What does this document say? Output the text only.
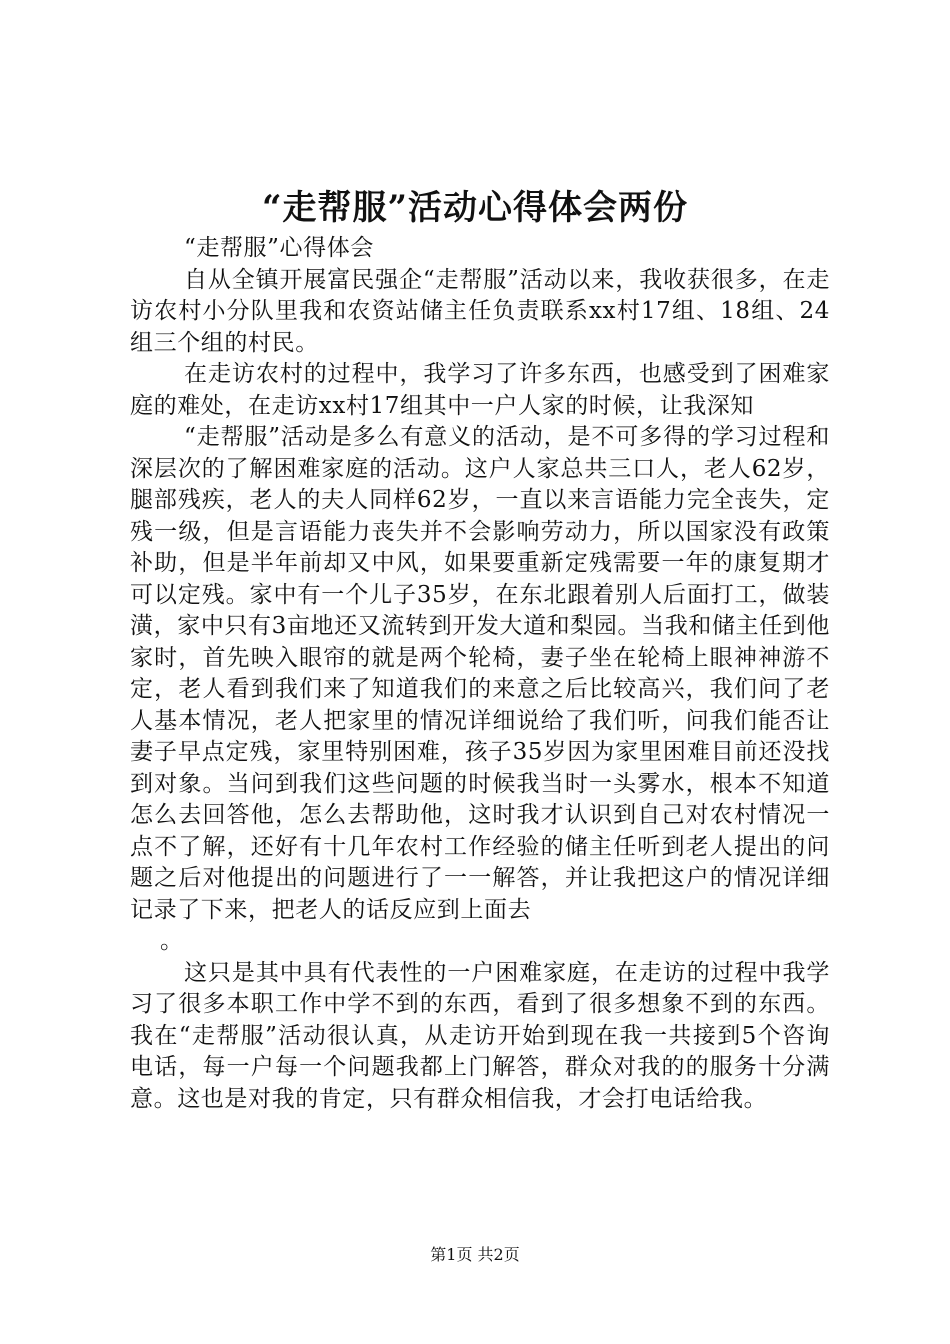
“走帮服”活动心得体会两份

“走帮服”心得体会

自从全镇开展富民强企“走帮服”活动以来，我收获很多，在走访农村小分队里我和农资站储主任负责联系xx村17组、18组、24组三个组的村民。

在走访农村的过程中，我学习了许多东西，也感受到了困难家庭的难处，在走访xx村17组其中一户人家的时候，让我深知

“走帮服”活动是多么有意义的活动，是不可多得的学习过程和深层次的了解困难家庭的活动。这户人家总共三口人，老人62岁，腿部残疾，老人的夫人同样62岁，一直以来言语能力完全丧失，定残一级，但是言语能力丧失并不会影响劳动力，所以国家没有政策补助，但是半年前却又中风，如果要重新定残需要一年的康复期才可以定残。家中有一个儿子35岁，在东北跟着别人后面打工，做装潢，家中只有3亩地还又流转到开发大道和梨园。当我和储主任到他家时，首先映入眼帘的就是两个轮椅，妻子坐在轮椅上眼神神游不定，老人看到我们来了知道我们的来意之后比较高兴，我们问了老人基本情况，老人把家里的情况详细说给了我们听，问我们能否让妻子早点定残，家里特别困难，孩子35岁因为家里困难目前还没找到对象。当问到我们这些问题的时候我当时一头雾水，根本不知道怎么去回答他，怎么去帮助他，这时我才认识到自己对农村情况一点不了解，还好有十几年农村工作经验的储主任听到老人提出的问题之后对他提出的问题进行了一一解答，并让我把这户的情况详细记录了下来，把老人的话反应到上面去

。

这只是其中具有代表性的一户困难家庭，在走访的过程中我学习了很多本职工作中学不到的东西，看到了很多想象不到的东西。我在“走帮服”活动很认真，从走访开始到现在我一共接到5个咨询电话，每一户每一个问题我都上门解答，群众对我的的服务十分满意。这也是对我的肯定，只有群众相信我，才会打电话给我。

第1页 共2页
